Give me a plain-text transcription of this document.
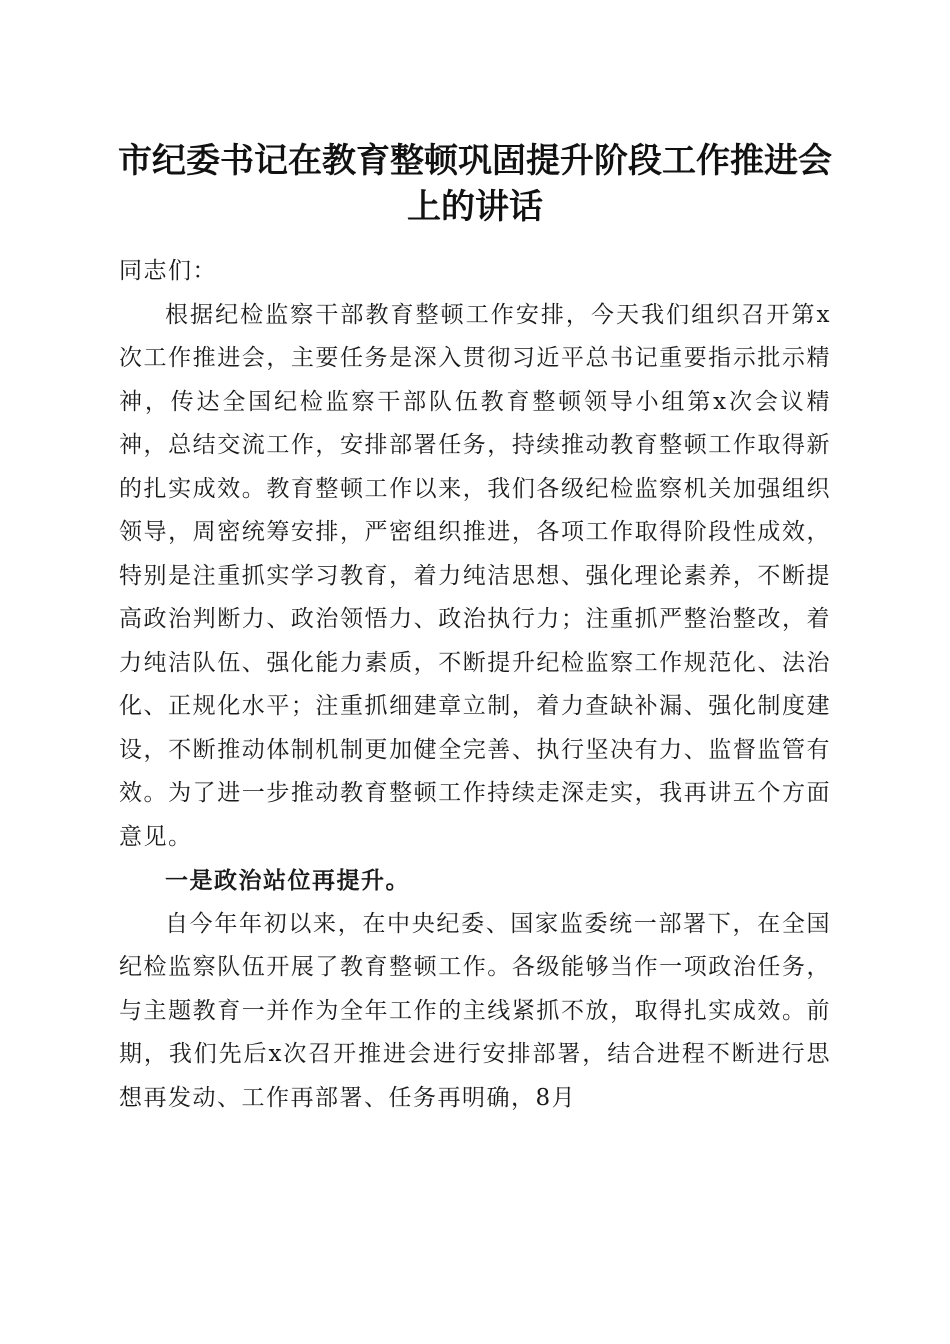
市纪委书记在教育整顿巩固提升阶段工作推进会上的讲话

同志们：

根据纪检监察干部教育整顿工作安排，今天我们组织召开第x次工作推进会，主要任务是深入贯彻习近平总书记重要指示批示精神，传达全国纪检监察干部队伍教育整顿领导小组第x次会议精神，总结交流工作，安排部署任务，持续推动教育整顿工作取得新的扎实成效。教育整顿工作以来，我们各级纪检监察机关加强组织领导，周密统筹安排，严密组织推进，各项工作取得阶段性成效，特别是注重抓实学习教育，着力纯洁思想、强化理论素养，不断提高政治判断力、政治领悟力、政治执行力；注重抓严整治整改，着力纯洁队伍、强化能力素质，不断提升纪检监察工作规范化、法治化、正规化水平；注重抓细建章立制，着力查缺补漏、强化制度建设，不断推动体制机制更加健全完善、执行坚决有力、监督监管有效。为了进一步推动教育整顿工作持续走深走实，我再讲五个方面意见。

一是政治站位再提升。

自今年年初以来，在中央纪委、国家监委统一部署下，在全国纪检监察队伍开展了教育整顿工作。各级能够当作一项政治任务，与主题教育一并作为全年工作的主线紧抓不放，取得扎实成效。前期，我们先后x次召开推进会进行安排部署，结合进程不断进行思想再发动、工作再部署、任务再明确，8月
